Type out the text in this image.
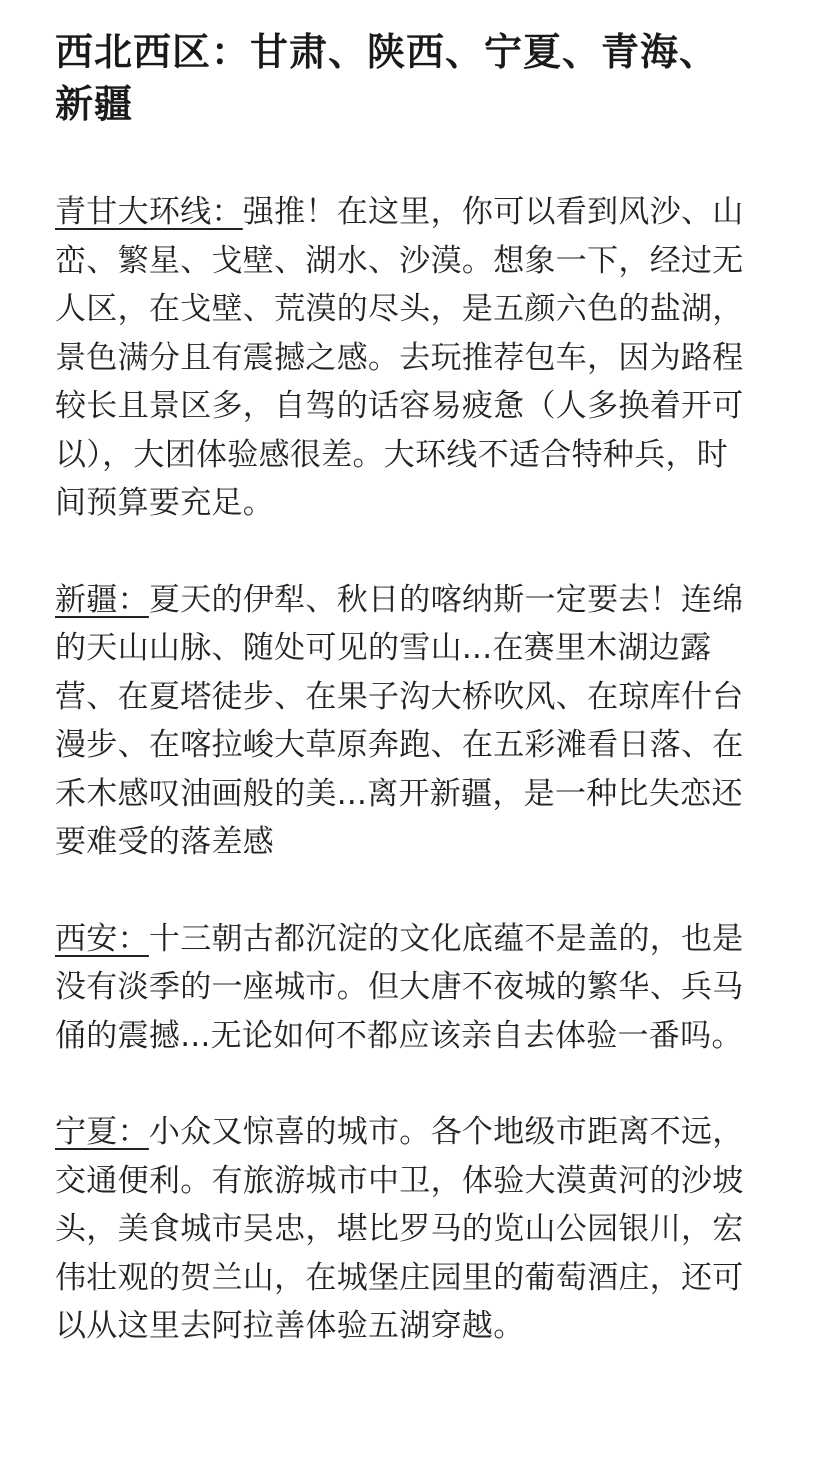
西北西区：甘肃、陕西、宁夏、青海、新疆

青甘大环线：强推！在这里，你可以看到风沙、山峦、繁星、戈壁、湖水、沙漠。想象一下，经过无人区，在戈壁、荒漠的尽头，是五颜六色的盐湖，景色满分且有震撼之感。去玩推荐包车，因为路程较长且景区多，自驾的话容易疲惫（人多换着开可以），大团体验感很差。大环线不适合特种兵，时间预算要充足。

新疆：夏天的伊犁、秋日的喀纳斯一定要去！连绵的天山山脉、随处可见的雪山...在赛里木湖边露营、在夏塔徒步、在果子沟大桥吹风、在琼库什台漫步、在喀拉峻大草原奔跑、在五彩滩看日落、在禾木感叹油画般的美...离开新疆，是一种比失恋还要难受的落差感

西安：十三朝古都沉淀的文化底蕴不是盖的，也是没有淡季的一座城市。但大唐不夜城的繁华、兵马俑的震撼...无论如何不都应该亲自去体验一番吗。

宁夏：小众又惊喜的城市。各个地级市距离不远，交通便利。有旅游城市中卫，体验大漠黄河的沙坡头，美食城市吴忠，堪比罗马的览山公园银川，宏伟壮观的贺兰山，在城堡庄园里的葡萄酒庄，还可以从这里去阿拉善体验五湖穿越。
